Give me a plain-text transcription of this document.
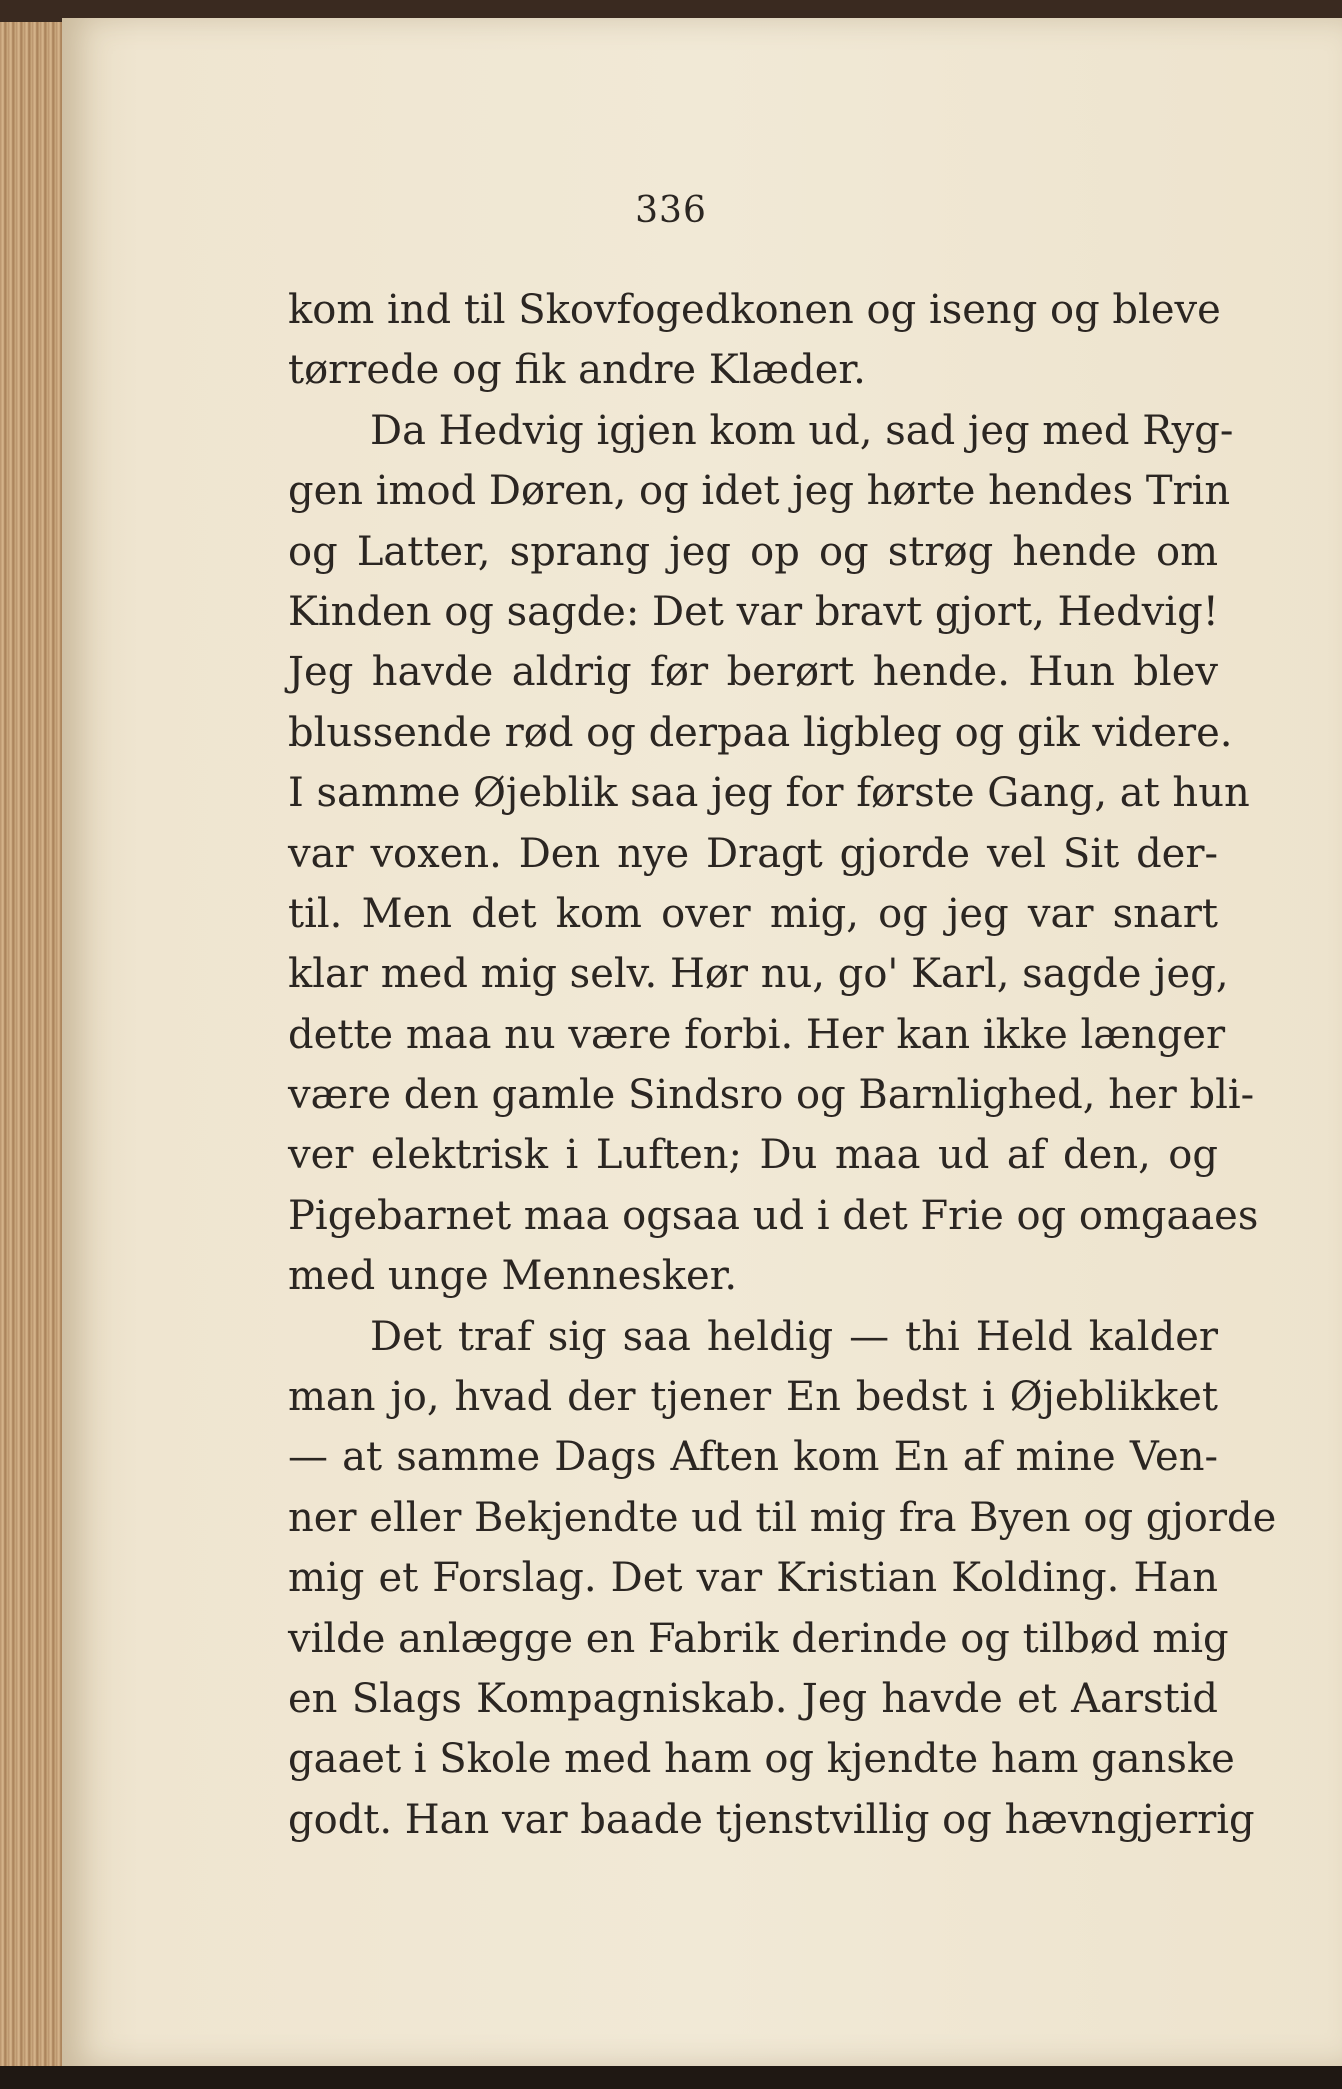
336
kom ind til Skovfogedkonen og iseng og bleve
tørrede og fik andre Klæder.
Da Hedvig igjen kom ud, sad jeg med Ryg-
gen imod Døren, og idet jeg hørte hendes Trin
og Latter, sprang jeg op og strøg hende om
Kinden og sagde: Det var bravt gjort, Hedvig!
Jeg havde aldrig før berørt hende. Hun blev
blussende rød og derpaa ligbleg og gik videre.
I samme Øjeblik saa jeg for første Gang, at hun
var voxen. Den nye Dragt gjorde vel Sit der-
til. Men det kom over mig, og jeg var snart
klar med mig selv. Hør nu, go' Karl, sagde jeg,
dette maa nu være forbi. Her kan ikke længer
være den gamle Sindsro og Barnlighed, her bli-
ver elektrisk i Luften; Du maa ud af den, og
Pigebarnet maa ogsaa ud i det Frie og omgaaes
med unge Mennesker.
Det traf sig saa heldig — thi Held kalder
man jo, hvad der tjener En bedst i Øjeblikket
— at samme Dags Aften kom En af mine Ven-
ner eller Bekjendte ud til mig fra Byen og gjorde
mig et Forslag. Det var Kristian Kolding. Han
vilde anlægge en Fabrik derinde og tilbød mig
en Slags Kompagniskab. Jeg havde et Aarstid
gaaet i Skole med ham og kjendte ham ganske
godt. Han var baade tjenstvillig og hævngjerrig
